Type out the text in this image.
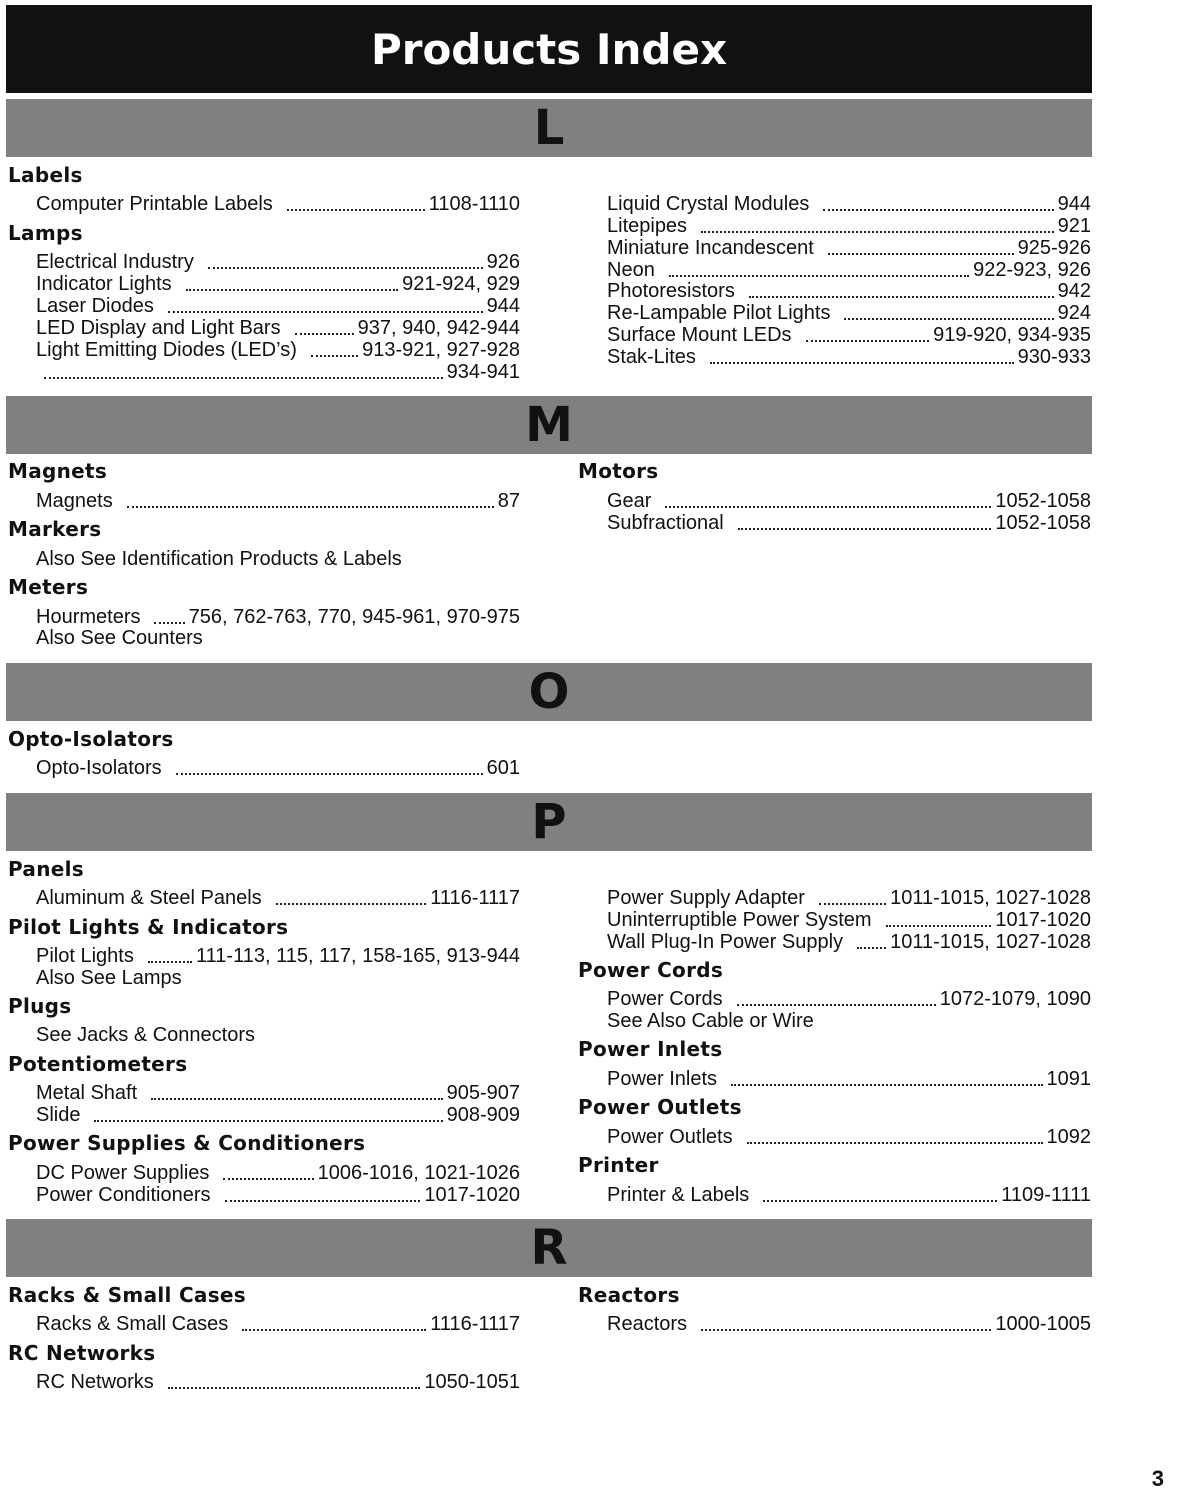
Products Index
L
Labels
Computer Printable Labels	1108-1110
Lamps
Electrical Industry	926
Indicator Lights	921-924, 929
Laser Diodes	944
LED Display and Light Bars	937, 940, 942-944
Light Emitting Diodes (LED’s)	913-921, 927-928
934-941
Liquid Crystal Modules	944
Litepipes	921
Miniature Incandescent	925-926
Neon	922-923, 926
Photoresistors	942
Re-Lampable Pilot Lights	924
Surface Mount LEDs	919-920, 934-935
Stak-Lites	930-933
M
Magnets
Magnets	87
Markers
Also See Identification Products & Labels
Meters
Hourmeters 756, 762-763, 770, 945-961, 970-975
Also See Counters
Motors
Gear	1052-1058
Subfractional	1052-1058
O
Opto-Isolators
Opto-Isolators	601
P
Panels
Aluminum & Steel Panels	1116-1117
Pilot Lights & Indicators
Pilot Lights	111-113, 115, 117, 158-165, 913-944
Also See Lamps
Plugs
See Jacks & Connectors
Potentiometers
Metal Shaft	905-907
Slide	908-909
Power Supplies & Conditioners
DC Power Supplies	1006-1016, 1021-1026
Power Conditioners	1017-1020
Power Supply Adapter	1011-1015, 1027-1028
Uninterruptible Power System	1017-1020
Wall Plug-In Power Supply 1011-1015, 1027-1028
Power Cords
Power Cords	1072-1079, 1090
See Also Cable or Wire
Power Inlets
Power Inlets	1091
Power Outlets
Power Outlets	1092
Printer
Printer & Labels	1109-1111
R
Racks & Small Cases
Racks & Small Cases	1116-1117
RC Networks
RC Networks	1050-1051
Reactors
Reactors	1000-1005
3
